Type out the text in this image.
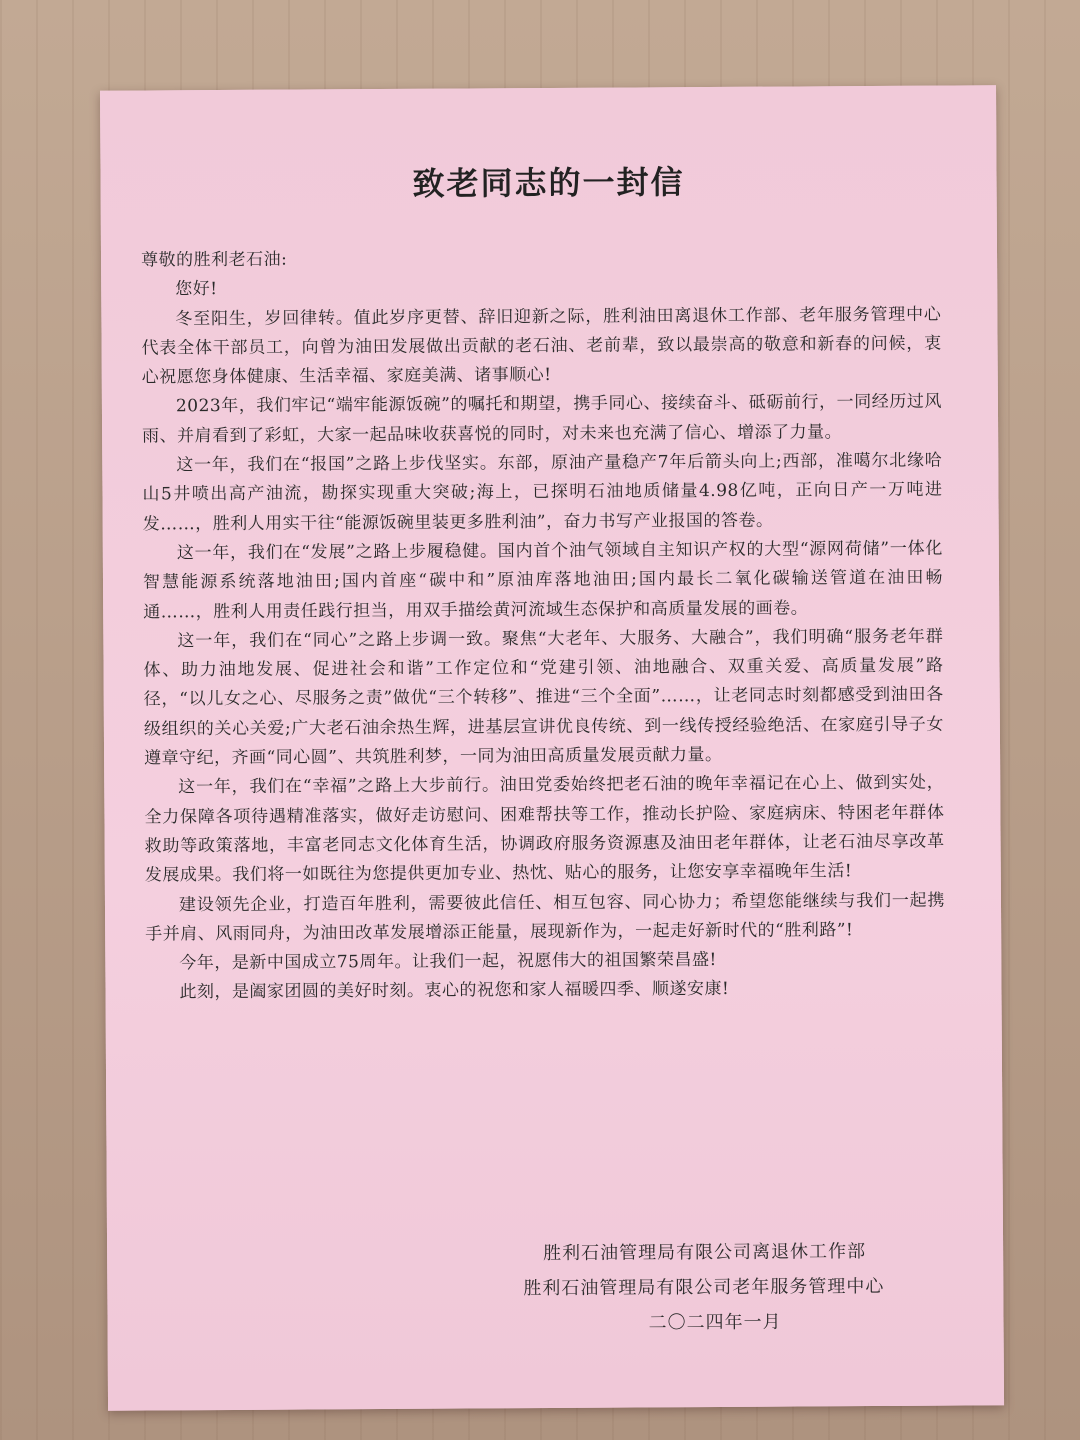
致老同志的一封信

尊敬的胜利老石油:

您好!

冬至阳生，岁回律转。值此岁序更替、辞旧迎新之际，胜利油田离退休工作部、老年服务管理中心代表全体干部员工，向曾为油田发展做出贡献的老石油、老前辈，致以最崇高的敬意和新春的问候，衷心祝愿您身体健康、生活幸福、家庭美满、诸事顺心!

2023年，我们牢记“端牢能源饭碗”的嘱托和期望，携手同心、接续奋斗、砥砺前行，一同经历过风雨、并肩看到了彩虹，大家一起品味收获喜悦的同时，对未来也充满了信心、增添了力量。

这一年，我们在“报国”之路上步伐坚实。东部，原油产量稳产7年后箭头向上;西部，准噶尔北缘哈山5井喷出高产油流，勘探实现重大突破;海上，已探明石油地质储量4.98亿吨，正向日产一万吨进发……，胜利人用实干往“能源饭碗里装更多胜利油”，奋力书写产业报国的答卷。

这一年，我们在“发展”之路上步履稳健。国内首个油气领域自主知识产权的大型“源网荷储”一体化智慧能源系统落地油田;国内首座“碳中和”原油库落地油田;国内最长二氧化碳输送管道在油田畅通……，胜利人用责任践行担当，用双手描绘黄河流域生态保护和高质量发展的画卷。

这一年，我们在“同心”之路上步调一致。聚焦“大老年、大服务、大融合”，我们明确“服务老年群体、助力油地发展、促进社会和谐”工作定位和“党建引领、油地融合、双重关爱、高质量发展”路径，“以儿女之心、尽服务之责”做优“三个转移”、推进“三个全面”……，让老同志时刻都感受到油田各级组织的关心关爱;广大老石油余热生辉，进基层宣讲优良传统、到一线传授经验绝活、在家庭引导子女遵章守纪，齐画“同心圆”、共筑胜利梦，一同为油田高质量发展贡献力量。

这一年，我们在“幸福”之路上大步前行。油田党委始终把老石油的晚年幸福记在心上、做到实处，全力保障各项待遇精准落实，做好走访慰问、困难帮扶等工作，推动长护险、家庭病床、特困老年群体救助等政策落地，丰富老同志文化体育生活，协调政府服务资源惠及油田老年群体，让老石油尽享改革发展成果。我们将一如既往为您提供更加专业、热忱、贴心的服务，让您安享幸福晚年生活!

建设领先企业，打造百年胜利，需要彼此信任、相互包容、同心协力；希望您能继续与我们一起携手并肩、风雨同舟，为油田改革发展增添正能量，展现新作为，一起走好新时代的“胜利路”!

今年，是新中国成立75周年。让我们一起，祝愿伟大的祖国繁荣昌盛!

此刻，是阖家团圆的美好时刻。衷心的祝您和家人福暖四季、顺遂安康!

胜利石油管理局有限公司离退休工作部
胜利石油管理局有限公司老年服务管理中心
二〇二四年一月
